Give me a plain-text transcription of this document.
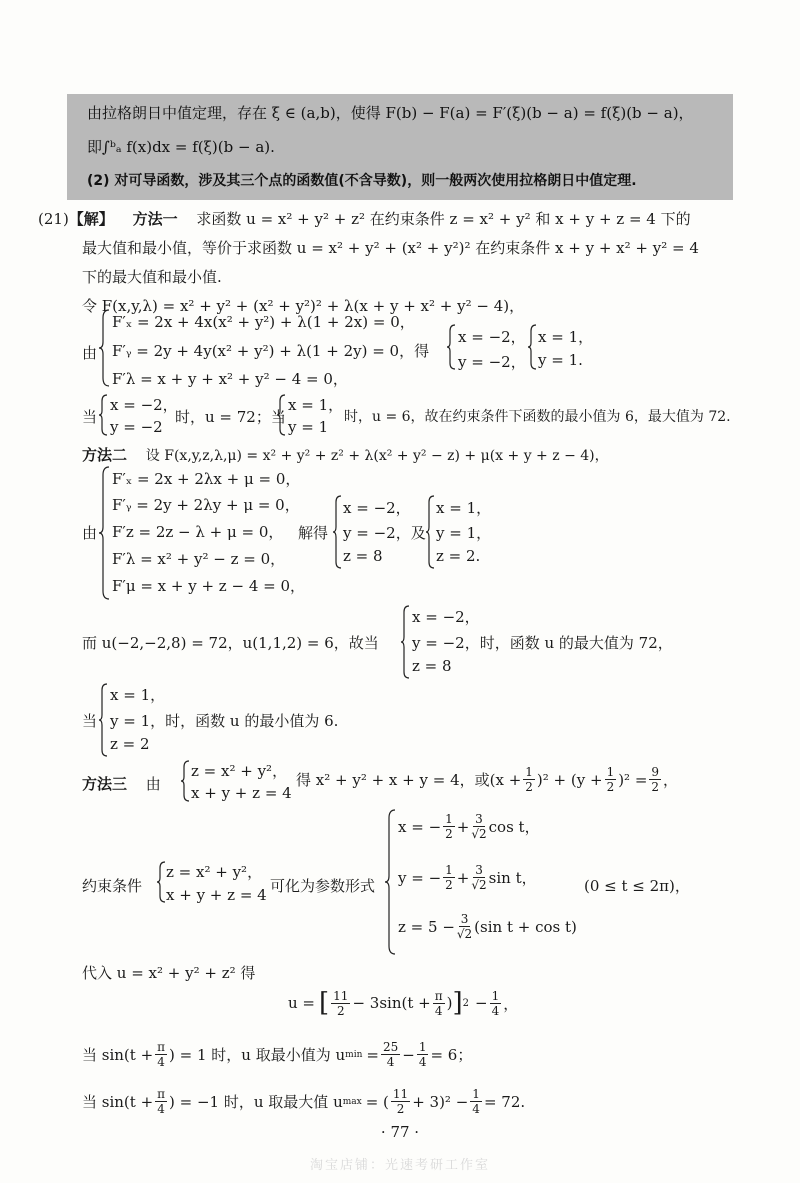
由拉格朗日中值定理，存在 ξ ∈ (a,b)，使得 F(b) − F(a) = F′(ξ)(b − a) = f(ξ)(b − a)，
即∫ᵇₐ f(x)dx = f(ξ)(b − a).
(2) 对可导函数，涉及其三个点的函数值(不含导数)，则一般两次使用拉格朗日中值定理.
(21)【解】 方法一 求函数 u = x² + y² + z² 在约束条件 z = x² + y² 和 x + y + z = 4 下的
最大值和最小值，等价于求函数 u = x² + y² + (x² + y²)² 在约束条件 x + y + x² + y² = 4
下的最大值和最小值.
令 F(x,y,λ) = x² + y² + (x² + y²)² + λ(x + y + x² + y² − 4)，
由
F′ₓ = 2x + 4x(x² + y²) + λ(1 + 2x) = 0，
F′ᵧ = 2y + 4y(x² + y²) + λ(1 + 2y) = 0，得
F′λ = x + y + x² + y² − 4 = 0，
x = −2，
y = −2，
x = 1，
y = 1.
当
x = −2，
y = −2
时，u = 72；当
x = 1，
y = 1
时，u = 6，故在约束条件下函数的最小值为 6，最大值为 72.
方法二 设 F(x,y,z,λ,μ) = x² + y² + z² + λ(x² + y² − z) + μ(x + y + z − 4)，
由
F′ₓ = 2x + 2λx + μ = 0，
F′ᵧ = 2y + 2λy + μ = 0，
F′z = 2z − λ + μ = 0，
F′λ = x² + y² − z = 0，
F′μ = x + y + z − 4 = 0，
解得
x = −2，
y = −2，及
z = 8
x = 1，
y = 1，
z = 2.
而 u(−2,−2,8) = 72，u(1,1,2) = 6，故当
x = −2，
y = −2，时，函数 u 的最大值为 72，
z = 8
当
x = 1，
y = 1，时，函数 u 的最小值为 6.
z = 2
方法三 由
z = x² + y²，
x + y + z = 4
得 x² + y² + x + y = 4，或 $(x + \frac{1}{2} )^2 + (y + \frac{1}{2} )^2 = \frac{9}{2}$ ，
约束条件
z = x² + y²，
x + y + z = 4 可化为参数形式
x = − $\frac{1}{2} + \frac{3}{√2}$ cos t，
y = − $\frac{1}{2} + \frac{3}{√2}$ sin t，	(0 ≤ t ≤ 2π)，
$z = 5 - \frac{3}{√2} (\sin$ t + cos t)
代入 u = x² + y² + z² 得
u = [ $\frac{11}{2} - 3\sin(t + \frac{\pi}{4}$ ) ] $2 - \frac{1}{4}$ ，
当 $\sin(t + \frac{\pi}{4}$ ) = 1 时，u 取最小值为 u $\min = \frac{25}{4} - \frac{1}{4} = 6$；
当 $\sin(t + \frac{\pi}{4}$ ) = −1 时，u 取最大值 u max = ( $\frac{11}{2} + 3)^2 - \frac{1}{4} = 72$.
· 77 ·
淘宝店铺：光速考研工作室
